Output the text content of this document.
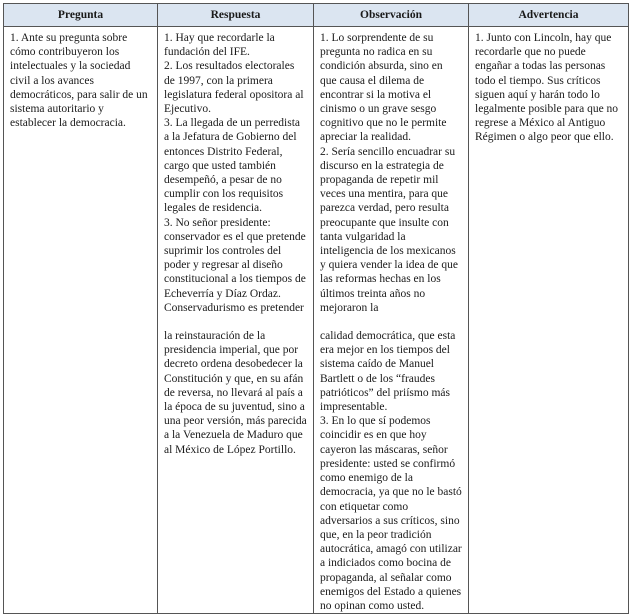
Pregunta	Respuesta	Observación	Advertencia

1. Ante su pregunta sobre cómo contribuyeron los intelectuales y la sociedad civil a los avances democráticos, para salir de un sistema autoritario y establecer la democracia.

1. Hay que recordarle la fundación del IFE.
2. Los resultados electorales de 1997, con la primera legislatura federal opositora al Ejecutivo.
3. La llegada de un perredista a la Jefatura de Gobierno del entonces Distrito Federal, cargo que usted también desempeñó, a pesar de no cumplir con los requisitos legales de residencia.
3. No señor presidente: conservador es el que pretende suprimir los controles del poder y regresar al diseño constitucional a los tiempos de Echeverría y Díaz Ordaz. Conservadurismo es pretender
la reinstauración de la presidencia imperial, que por decreto ordena desobedecer la Constitución y que, en su afán de reversa, no llevará al país a la época de su juventud, sino a una peor versión, más parecida a la Venezuela de Maduro que al México de López Portillo.

1. Lo sorprendente de su pregunta no radica en su condición absurda, sino en que causa el dilema de encontrar si la motiva el cinismo o un grave sesgo cognitivo que no le permite apreciar la realidad.
2. Sería sencillo encuadrar su discurso en la estrategia de propaganda de repetir mil veces una mentira, para que parezca verdad, pero resulta preocupante que insulte con tanta vulgaridad la inteligencia de los mexicanos y quiera vender la idea de que las reformas hechas en los últimos treinta años no mejoraron la
calidad democrática, que esta era mejor en los tiempos del sistema caído de Manuel Bartlett o de los “fraudes patrióticos” del priísmo más impresentable.
3. En lo que sí podemos coincidir es en que hoy cayeron las máscaras, señor presidente: usted se confirmó como enemigo de la democracia, ya que no le bastó con etiquetar como adversarios a sus críticos, sino que, en la peor tradición autocrática, amagó con utilizar a indiciados como bocina de propaganda, al señalar como enemigos del Estado a quienes no opinan como usted.

1. Junto con Lincoln, hay que recordarle que no puede engañar a todas las personas todo el tiempo. Sus críticos siguen aquí y harán todo lo legalmente posible para que no regrese a México al Antiguo Régimen o algo peor que ello.
